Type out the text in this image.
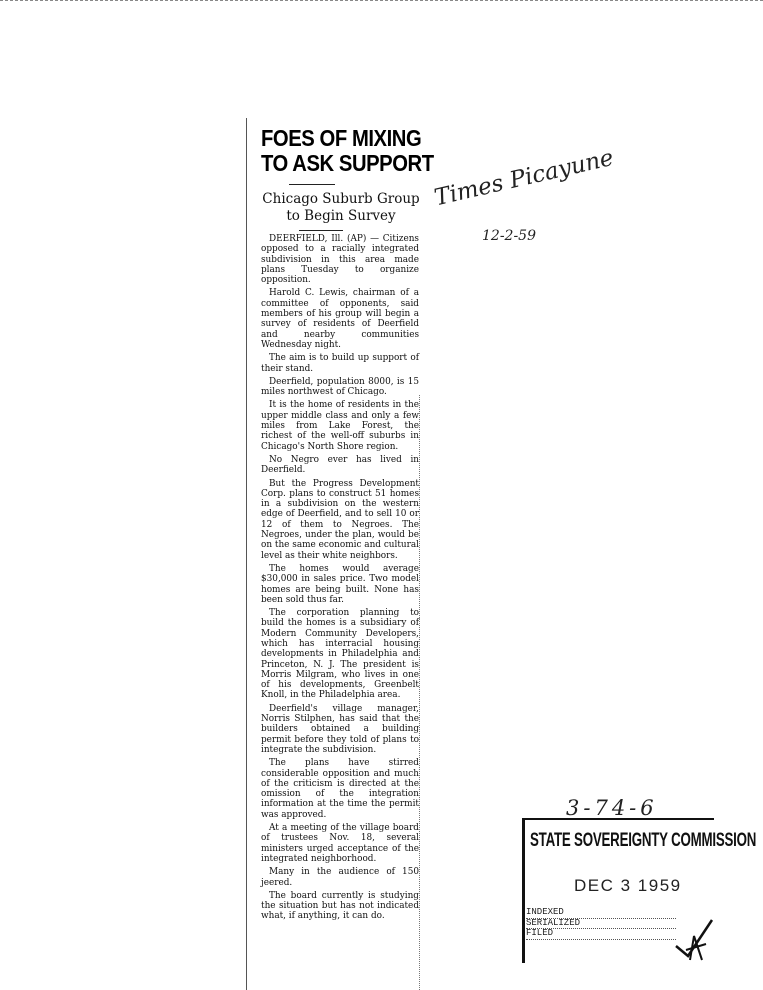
FOES OF MIXING
TO ASK SUPPORT
Chicago Suburb Group to Begin Survey

DEERFIELD, Ill. (AP) — Citizens opposed to a racially integrated subdivision in this area made plans Tuesday to organize opposition.

Harold C. Lewis, chairman of a committee of opponents, said members of his group will begin a survey of residents of Deerfield and nearby communities Wednesday night.

The aim is to build up support of their stand.

Deerfield, population 8000, is 15 miles northwest of Chicago.

It is the home of residents in the upper middle class and only a few miles from Lake Forest, the richest of the well-off suburbs in Chicago's North Shore region.

No Negro ever has lived in Deerfield.

But the Progress Development Corp. plans to construct 51 homes in a subdivision on the western edge of Deerfield, and to sell 10 or 12 of them to Negroes. The Negroes, under the plan, would be on the same economic and cultural level as their white neighbors.

The homes would average $30,000 in sales price. Two model homes are being built. None has been sold thus far.

The corporation planning to build the homes is a subsidiary of Modern Community Developers, which has interracial housing developments in Philadelphia and Princeton, N. J. The president is Morris Milgram, who lives in one of his developments, Greenbelt Knoll, in the Philadelphia area.

Deerfield's village manager, Norris Stilphen, has said that the builders obtained a building permit before they told of plans to integrate the subdivision.

The plans have stirred considerable opposition and much of the criticism is directed at the omission of the integration information at the time the permit was approved.

At a meeting of the village board of trustees Nov. 18, several ministers urged acceptance of the integrated neighborhood.

Many in the audience of 150 jeered.

The board currently is studying the situation but has not indicated what, if anything, it can do.

Times Picayune
12-2-59
3-74-6
STATE SOVEREIGNTY COMMISSION
DEC 3 1959
INDEXED
SERIALIZED
FILED
